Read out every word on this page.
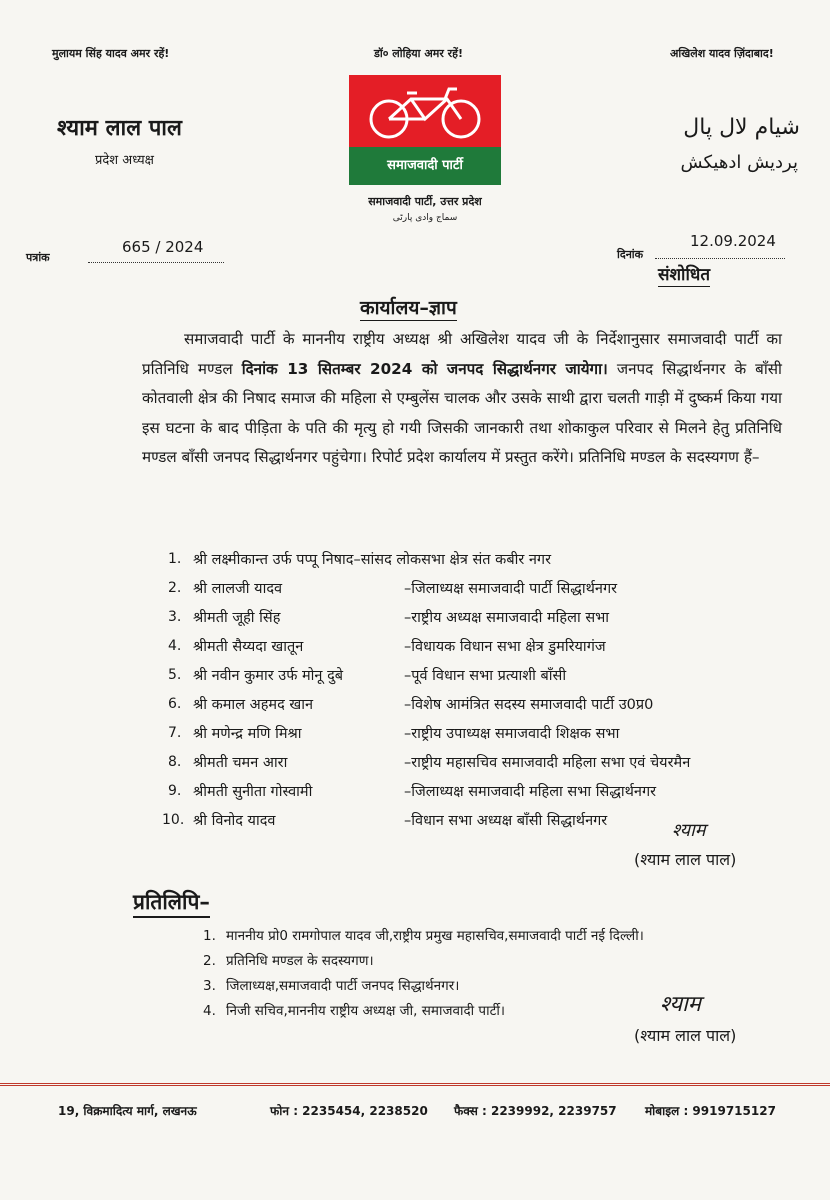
मुलायम सिंह यादव अमर रहें!	डॉ० लोहिया अमर रहें!	अखिलेश यादव ज़िंदाबाद!
श्याम लाल पाल
प्रदेश अध्यक्ष
شیام لال پال
پردیش ادھیکش
समाजवादी पार्टी
समाजवादी पार्टी, उत्तर प्रदेश
سماج وادی پارٹی
पत्रांक
665 / 2024	दिनांक
12.09.2024
संशोधित
कार्यालय–ज्ञाप

समाजवादी पार्टी के माननीय राष्ट्रीय अध्यक्ष श्री अखिलेश यादव जी के निर्देशानुसार समाजवादी पार्टी का प्रतिनिधि मण्डल दिनांक 13 सितम्बर 2024 को जनपद सिद्धार्थनगर जायेगा। जनपद सिद्धार्थनगर के बाँसी कोतवाली क्षेत्र की निषाद समाज की महिला से एम्बुलेंस चालक और उसके साथी द्वारा चलती गाड़ी में दुष्कर्म किया गया इस घटना के बाद पीड़िता के पति की मृत्यु हो गयी जिसकी जानकारी तथा शोकाकुल परिवार से मिलने हेतु प्रतिनिधि मण्डल बाँसी जनपद सिद्धार्थनगर पहुंचेगा। रिपोर्ट प्रदेश कार्यालय में प्रस्तुत करेंगे। प्रतिनिधि मण्डल के सदस्यगण हैं–

1. श्री लक्ष्मीकान्त उर्फ पप्पू निषाद–सांसद लोकसभा क्षेत्र संत कबीर नगर
2. श्री लालजी यादव	–जिलाध्यक्ष समाजवादी पार्टी सिद्धार्थनगर
3. श्रीमती जूही सिंह	–राष्ट्रीय अध्यक्ष समाजवादी महिला सभा
4. श्रीमती सैय्यदा खातून	–विधायक विधान सभा क्षेत्र डुमरियागंज
5. श्री नवीन कुमार उर्फ मोनू दुबे	–पूर्व विधान सभा प्रत्याशी बाँसी
6. श्री कमाल अहमद खान	–विशेष आमंत्रित सदस्य समाजवादी पार्टी उ0प्र0
7. श्री मणेन्द्र मणि मिश्रा	–राष्ट्रीय उपाध्यक्ष समाजवादी शिक्षक सभा
8. श्रीमती चमन आरा	–राष्ट्रीय महासचिव समाजवादी महिला सभा एवं चेयरमैन
9. श्रीमती सुनीता गोस्वामी	–जिलाध्यक्ष समाजवादी महिला सभा सिद्धार्थनगर
10. श्री विनोद यादव	–विधान सभा अध्यक्ष बाँसी सिद्धार्थनगर	श्याम
(श्याम लाल पाल)
प्रतिलिपि–
1. माननीय प्रो0 रामगोपाल यादव जी,राष्ट्रीय प्रमुख महासचिव,समाजवादी पार्टी नई दिल्ली।
2. प्रतिनिधि मण्डल के सदस्यगण।
3. जिलाध्यक्ष,समाजवादी पार्टी जनपद सिद्धार्थनगर।
4. निजी सचिव,माननीय राष्ट्रीय अध्यक्ष जी, समाजवादी पार्टी।	श्याम
(श्याम लाल पाल)
19, विक्रमादित्य मार्ग, लखनऊ	फोन : 2235454, 2238520 फैक्स : 2239992, 2239757 मोबाइल : 9919715127
